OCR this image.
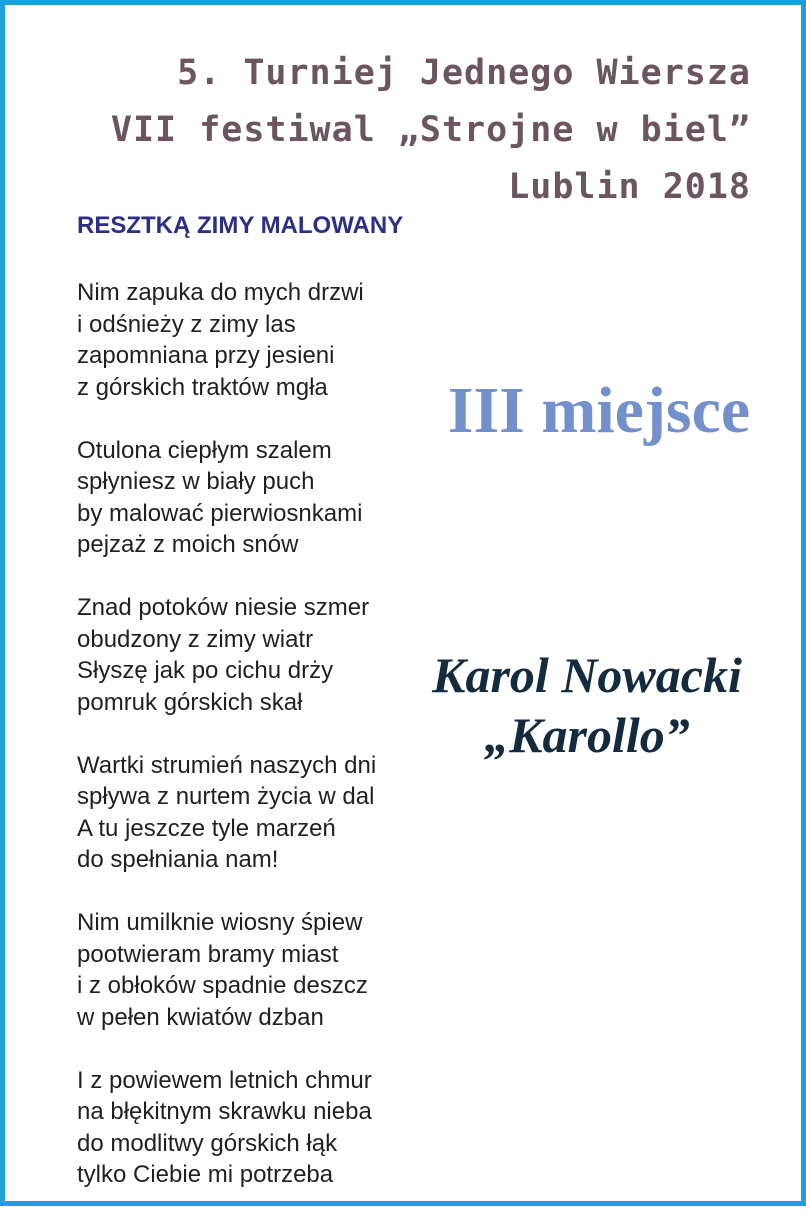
5. Turniej Jednego Wiersza
VII festiwal „Strojne w biel”
Lublin 2018
RESZTKĄ ZIMY MALOWANY
Nim zapuka do mych drzwi
i odśnieży z zimy las
zapomniana przy jesieni
z górskich traktów mgła
Otulona ciepłym szalem
spłyniesz w biały puch
by malować pierwiosnkami
pejzaż z moich snów
Znad potoków niesie szmer
obudzony z zimy wiatr
Słyszę jak po cichu drży
pomruk górskich skał
Wartki strumień naszych dni
spływa z nurtem życia w dal
A tu jeszcze tyle marzeń
do spełniania nam!
Nim umilknie wiosny śpiew
pootwieram bramy miast
i z obłoków spadnie deszcz
w pełen kwiatów dzban
I z powiewem letnich chmur
na błękitnym skrawku nieba
do modlitwy górskich łąk
tylko Ciebie mi potrzeba
III miejsce
Karol Nowacki
„Karollo”
